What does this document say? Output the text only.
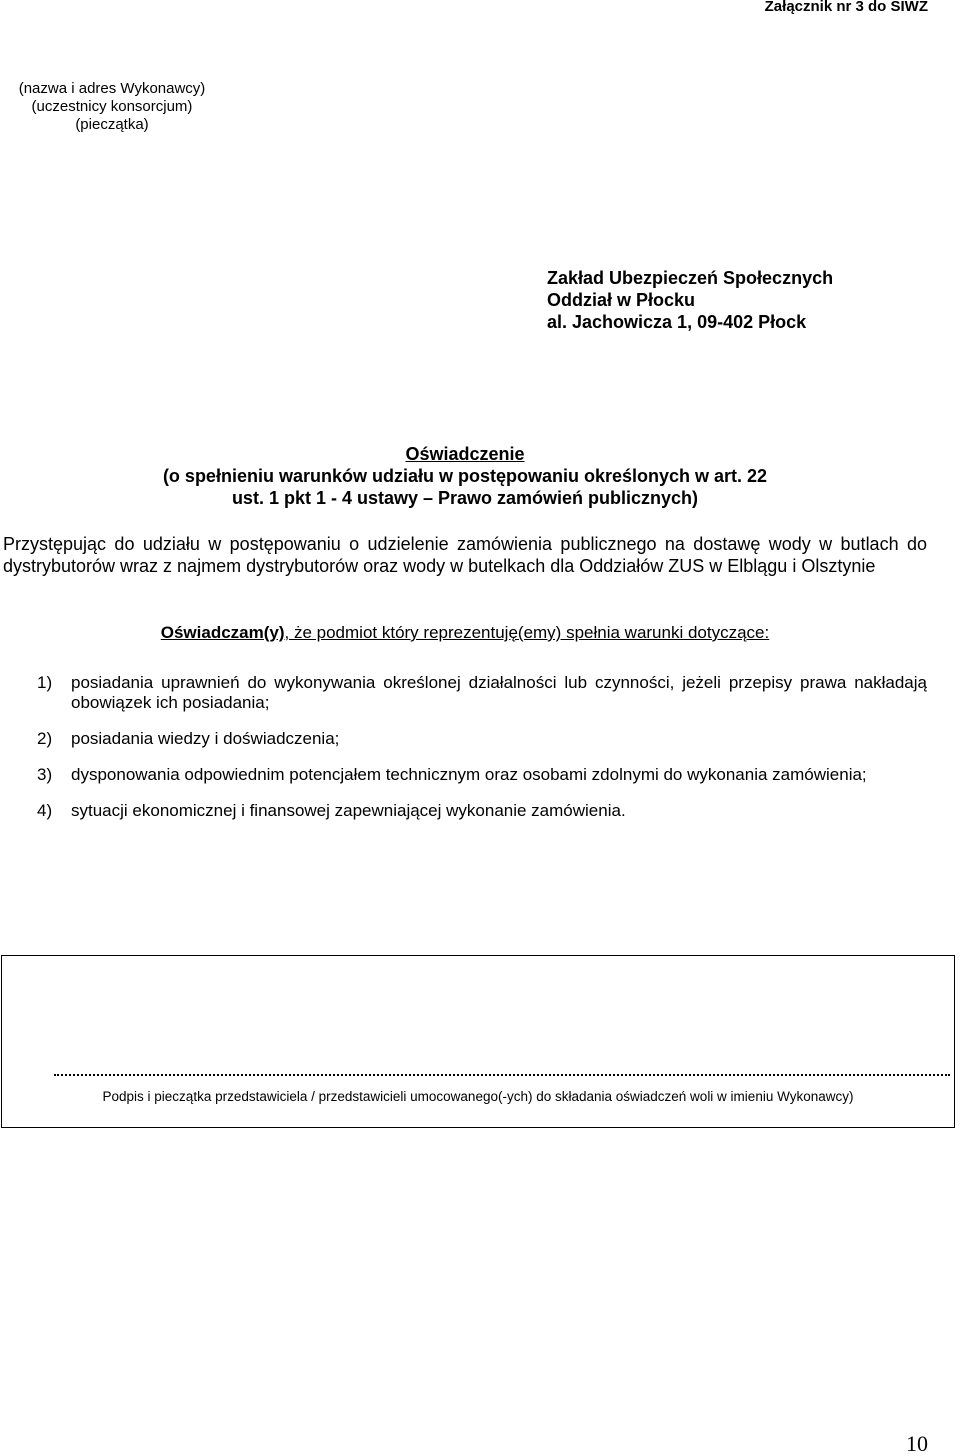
Załącznik nr 3 do SIWZ
(nazwa i adres Wykonawcy)
(uczestnicy konsorcjum)
(pieczątka)
Zakład Ubezpieczeń Społecznych
Oddział w Płocku
al. Jachowicza 1, 09-402 Płock
Oświadczenie
(o spełnieniu warunków udziału w postępowaniu określonych w art. 22 ust. 1 pkt 1 - 4 ustawy – Prawo zamówień publicznych)
Przystępując do udziału w postępowaniu o udzielenie zamówienia publicznego na dostawę wody w butlach do dystrybutorów wraz z najmem dystrybutorów oraz wody w butelkach dla Oddziałów ZUS w Elblągu i Olsztynie
Oświadczam(y), że podmiot który reprezentuję(emy) spełnia warunki dotyczące:
1) posiadania uprawnień do wykonywania określonej działalności lub czynności, jeżeli przepisy prawa nakładają obowiązek ich posiadania;
2) posiadania wiedzy i doświadczenia;
3) dysponowania odpowiednim potencjałem technicznym oraz osobami zdolnymi do wykonania zamówienia;
4) sytuacji ekonomicznej i finansowej zapewniającej wykonanie zamówienia.
Podpis i pieczątka przedstawiciela / przedstawicieli umocowanego(-ych) do składania oświadczeń woli w imieniu Wykonawcy)
10
